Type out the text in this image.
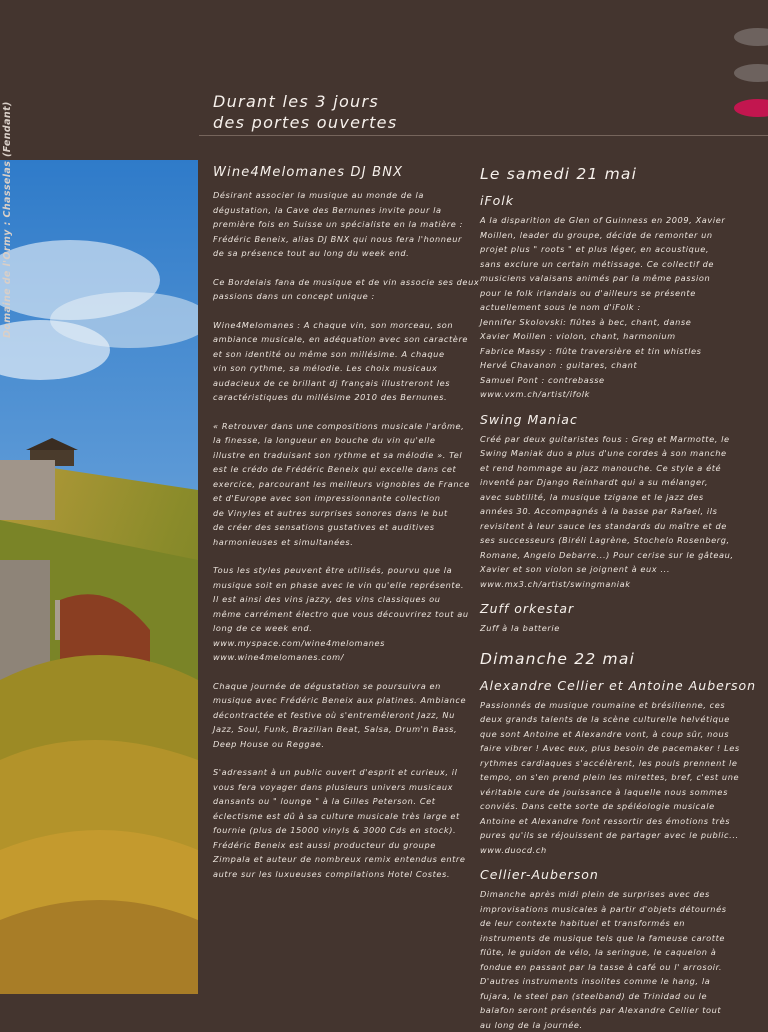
Domaine de l'Ormy : Chasselas (Fendant)	Durant les 3 jours
des portes ouvertes
Wine4Melomanes DJ BNX

Désirant associer la musique au monde de la
dégustation, la Cave des Bernunes invite pour la
première fois en Suisse un spécialiste en la matière :
Frédéric Beneix, alias DJ BNX qui nous fera l'honneur
de sa présence tout au long du week end.

Ce Bordelais fana de musique et de vin associe ses deux
passions dans un concept unique :

Wine4Melomanes : A chaque vin, son morceau, son
ambiance musicale, en adéquation avec son caractère
et son identité ou même son millésime. A chaque
vin son rythme, sa mélodie. Les choix musicaux
audacieux de ce brillant dj français illustreront les
caractéristiques du millésime 2010 des Bernunes.

« Retrouver dans une compositions musicale l'arôme,
la finesse, la longueur en bouche du vin qu'elle
illustre en traduisant son rythme et sa mélodie ». Tel
est le crédo de Frédéric Beneix qui excelle dans cet
exercice, parcourant les meilleurs vignobles de France
et d'Europe avec son impressionnante collection
de Vinyles et autres surprises sonores dans le but
de créer des sensations gustatives et auditives
harmonieuses et simultanées.

Tous les styles peuvent être utilisés, pourvu que la
musique soit en phase avec le vin qu'elle représente.
Il est ainsi des vins jazzy, des vins classiques ou
même carrément électro que vous découvrirez tout au
long de ce week end.
www.myspace.com/wine4melomanes
www.wine4melomanes.com/

Chaque journée de dégustation se poursuivra en
musique avec Frédéric Beneix aux platines. Ambiance
décontractée et festive où s'entremêleront Jazz, Nu
Jazz, Soul, Funk, Brazilian Beat, Salsa, Drum'n Bass,
Deep House ou Reggae.

S'adressant à un public ouvert d'esprit et curieux, il
vous fera voyager dans plusieurs univers musicaux
dansants ou " lounge " à la Gilles Peterson. Cet
éclectisme est dû à sa culture musicale très large et
fournie (plus de 15000 vinyls & 3000 Cds en stock).
Frédéric Beneix est aussi producteur du groupe
Zimpala et auteur de nombreux remix entendus entre
autre sur les luxueuses compilations Hotel Costes.

Le samedi 21 mai
iFolk

A la disparition de Glen of Guinness en 2009, Xavier
Moillen, leader du groupe, décide de remonter un
projet plus " roots " et plus léger, en acoustique,
sans exclure un certain métissage. Ce collectif de
musiciens valaisans animés par la même passion
pour le folk irlandais ou d'ailleurs se présente
actuellement sous le nom d'iFolk :
Jennifer Skolovski: flûtes à bec, chant, danse
Xavier Moillen : violon, chant, harmonium
Fabrice Massy : flûte traversière et tin whistles
Hervé Chavanon : guitares, chant
Samuel Pont : contrebasse
www.vxm.ch/artist/ifolk

Swing Maniac

Créé par deux guitaristes fous : Greg et Marmotte, le
Swing Maniak duo a plus d'une cordes à son manche
et rend hommage au jazz manouche. Ce style a été
inventé par Django Reinhardt qui a su mélanger,
avec subtilité, la musique tzigane et le jazz des
années 30. Accompagnés à la basse par Rafael, ils
revisitent à leur sauce les standards du maître et de
ses successeurs (Biréli Lagrène, Stochelo Rosenberg,
Romane, Angelo Debarre...) Pour cerise sur le gâteau,
Xavier et son violon se joignent à eux ...
www.mx3.ch/artist/swingmaniak

Zuff orkestar

Zuff à la batterie

Dimanche 22 mai
Alexandre Cellier et Antoine Auberson

Passionnés de musique roumaine et brésilienne, ces
deux grands talents de la scène culturelle helvétique
que sont Antoine et Alexandre vont, à coup sûr, nous
faire vibrer ! Avec eux, plus besoin de pacemaker ! Les
rythmes cardiaques s'accélèrent, les pouls prennent le
tempo, on s'en prend plein les mirettes, bref, c'est une
véritable cure de jouissance à laquelle nous sommes
conviés. Dans cette sorte de spéléologie musicale
Antoine et Alexandre font ressortir des émotions très
pures qu'ils se réjouissent de partager avec le public...
www.duocd.ch

Cellier-Auberson

Dimanche après midi plein de surprises avec des
improvisations musicales à partir d'objets détournés
de leur contexte habituel et transformés en
instruments de musique tels que la fameuse carotte
flûte, le guidon de vélo, la seringue, le caquelon à
fondue en passant par la tasse à café ou l' arrosoir.
D'autres instruments insolites comme le hang, la
fujara, le steel pan (steelband) de Trinidad ou le
balafon seront présentés par Alexandre Cellier tout
au long de la journée.
